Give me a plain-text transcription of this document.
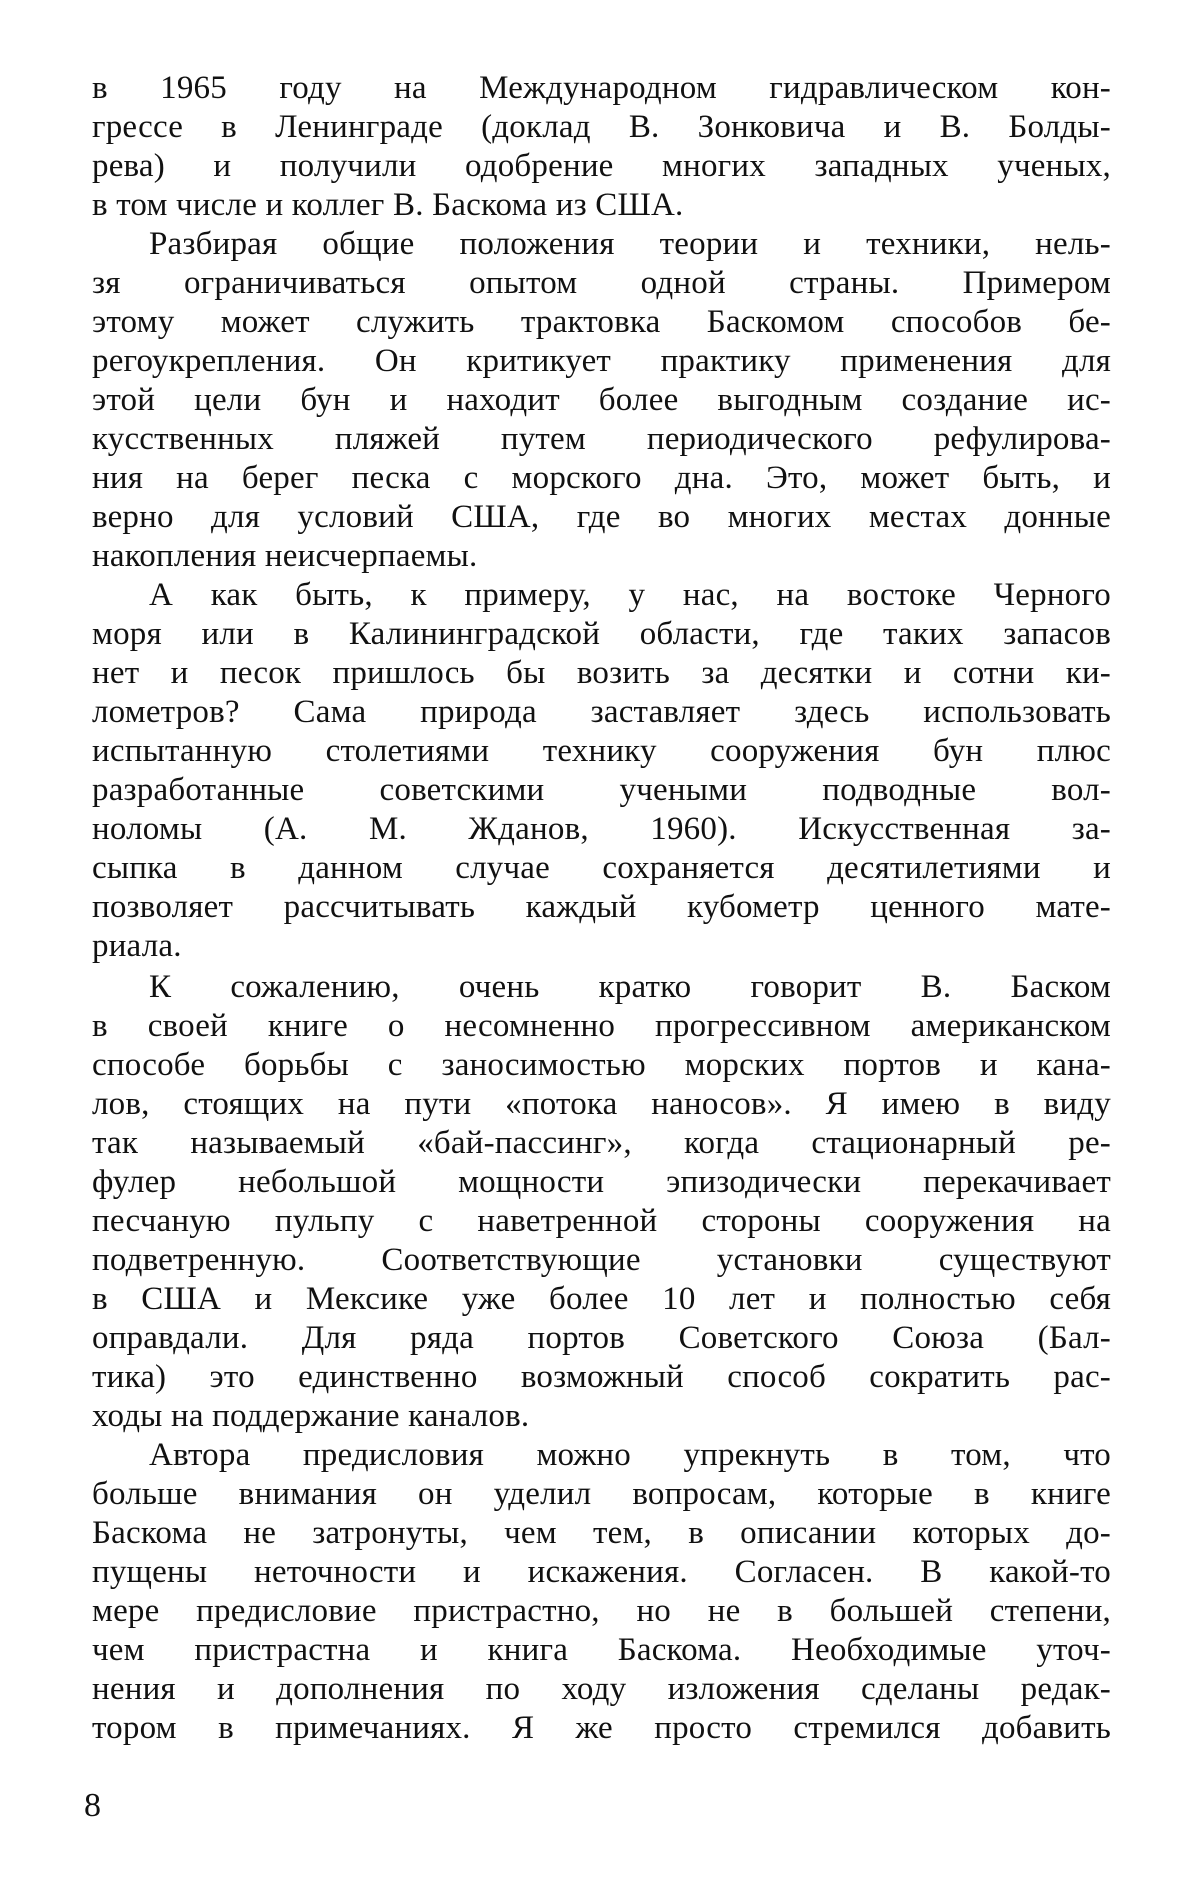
в 1965 году на Международном гидравлическом кон-
грессе в Ленинграде (доклад В. Зонковича и В. Болды-
рева) и получили одобрение многих западных ученых,
в том числе и коллег В. Баскома из США.
Разбирая общие положения теории и техники, нель-
зя ограничиваться опытом одной страны. Примером
этому может служить трактовка Баскомом способов бе-
регоукрепления. Он критикует практику применения для
этой цели бун и находит более выгодным создание ис-
кусственных пляжей путем периодического рефулирова-
ния на берег песка с морского дна. Это, может быть, и
верно для условий США, где во многих местах донные
накопления неисчерпаемы.
А как быть, к примеру, у нас, на востоке Черного
моря или в Калининградской области, где таких запасов
нет и песок пришлось бы возить за десятки и сотни ки-
лометров? Сама природа заставляет здесь использовать
испытанную столетиями технику сооружения бун плюс
разработанные советскими учеными подводные вол-
ноломы (А. М. Жданов, 1960). Искусственная за-
сыпка в данном случае сохраняется десятилетиями и
позволяет рассчитывать каждый кубометр ценного мате-
риала.
К сожалению, очень кратко говорит В. Баском
в своей книге о несомненно прогрессивном американском
способе борьбы с заносимостью морских портов и кана-
лов, стоящих на пути «потока наносов». Я имею в виду
так называемый «бай-пассинг», когда стационарный ре-
фулер небольшой мощности эпизодически перекачивает
песчаную пульпу с наветренной стороны сооружения на
подветренную. Соответствующие установки существуют
в США и Мексике уже более 10 лет и полностью себя
оправдали. Для ряда портов Советского Союза (Бал-
тика) это единственно возможный способ сократить рас-
ходы на поддержание каналов.
Автора предисловия можно упрекнуть в том, что
больше внимания он уделил вопросам, которые в книге
Баскома не затронуты, чем тем, в описании которых до-
пущены неточности и искажения. Согласен. В какой-то
мере предисловие пристрастно, но не в большей степени,
чем пристрастна и книга Баскома. Необходимые уточ-
нения и дополнения по ходу изложения сделаны редак-
тором в примечаниях. Я же просто стремился добавить
8
